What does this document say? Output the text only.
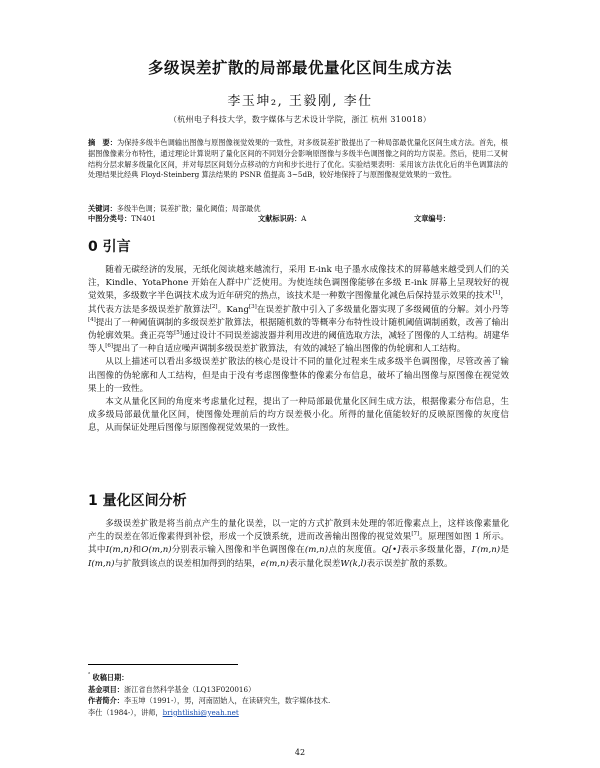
多级误差扩散的局部最优量化区间生成方法
李玉坤₂, 王毅刚, 李仕
（杭州电子科技大学，数字媒体与艺术设计学院，浙江 杭州 310018）
摘　要：为保持多级半色调输出图像与原图像视觉效果的一致性，对多级误差扩散提出了一种局部最优量化区间生成方法。首先，根据图像像素分布特性，通过理论计算说明了量化区间的不同划分会影响原图像与多级半色调图像之间的均方误差。然后，使用二叉树结构分层求解多级量化区间，并对每层区间划分点移动的方向和步长进行了优化。实验结果表明：采用该方法优化后的半色调算法的处理结果比经典 Floyd-Steinberg 算法结果的 PSNR 值提高 3~5dB，较好地保持了与原图像视觉效果的一致性。
关键词：多级半色调；误差扩散；量化阈值；局部最优
中图分类号：TN401	文献标识码：A	文章编号：
0 引言

随着无碳经济的发展，无纸化阅读越来越流行，采用 E-ink 电子墨水成像技术的屏幕越来越受到人们的关注，Kindle、YotaPhone 开始在人群中广泛使用。为使连续色调图像能够在多级 E-ink 屏幕上呈现较好的视觉效果，多级数字半色调技术成为近年研究的热点，该技术是一种数字图像量化减色后保持显示效果的技术[1]，其代表方法是多级误差扩散算法[2]。Kang[3]在误差扩散中引入了多级量化器实现了多级阈值的分解。刘小丹等[4]提出了一种阈值调制的多级误差扩散算法，根据随机数的等概率分布特性设计随机阈值调制函数，改善了输出伪轮廓效果。龚正亮等[5]通过设计不同误差滤波器并利用改进的阈值选取方法，减轻了图像的人工结构。胡建华等人[6]提出了一种自适应噪声调制多级误差扩散算法，有效的减轻了输出图像的伪轮廓和人工结构。

从以上描述可以看出多级误差扩散法的核心是设计不同的量化过程来生成多级半色调图像，尽管改善了输出图像的伪轮廓和人工结构，但是由于没有考虑图像整体的像素分布信息，破坏了输出图像与原图像在视觉效果上的一致性。

本文从量化区间的角度来考虑量化过程，提出了一种局部最优量化区间生成方法，根据像素分布信息，生成多级局部最优量化区间，使图像处理前后的均方误差极小化。所得的量化值能较好的反映原图像的灰度信息，从而保证处理后图像与原图像视觉效果的一致性。

1 量化区间分析

多级误差扩散是将当前点产生的量化误差，以一定的方式扩散到未处理的邻近像素点上，这样该像素量化产生的误差在邻近像素得到补偿，形成一个反馈系统，进而改善输出图像的视觉效果[7]。原理图如图 1 所示。其中I(m,n)和O(m,n)分别表示输入图像和半色调图像在(m,n)点的灰度值。Q[•]表示多级量化器，I′(m,n)是I(m,n)与扩散到该点的误差相加得到的结果，e(m,n)表示量化误差W(k,l)表示误差扩散的系数。

$^{^2}$ 收稿日期：
基金项目：浙江省自然科学基金（LQ13F020016）
作者简介：李玉坤（1991-），男，河南固始人，在读研究生，数字媒体技术.
李仕（1984-），讲师，brightlishi@yeah.net
42
